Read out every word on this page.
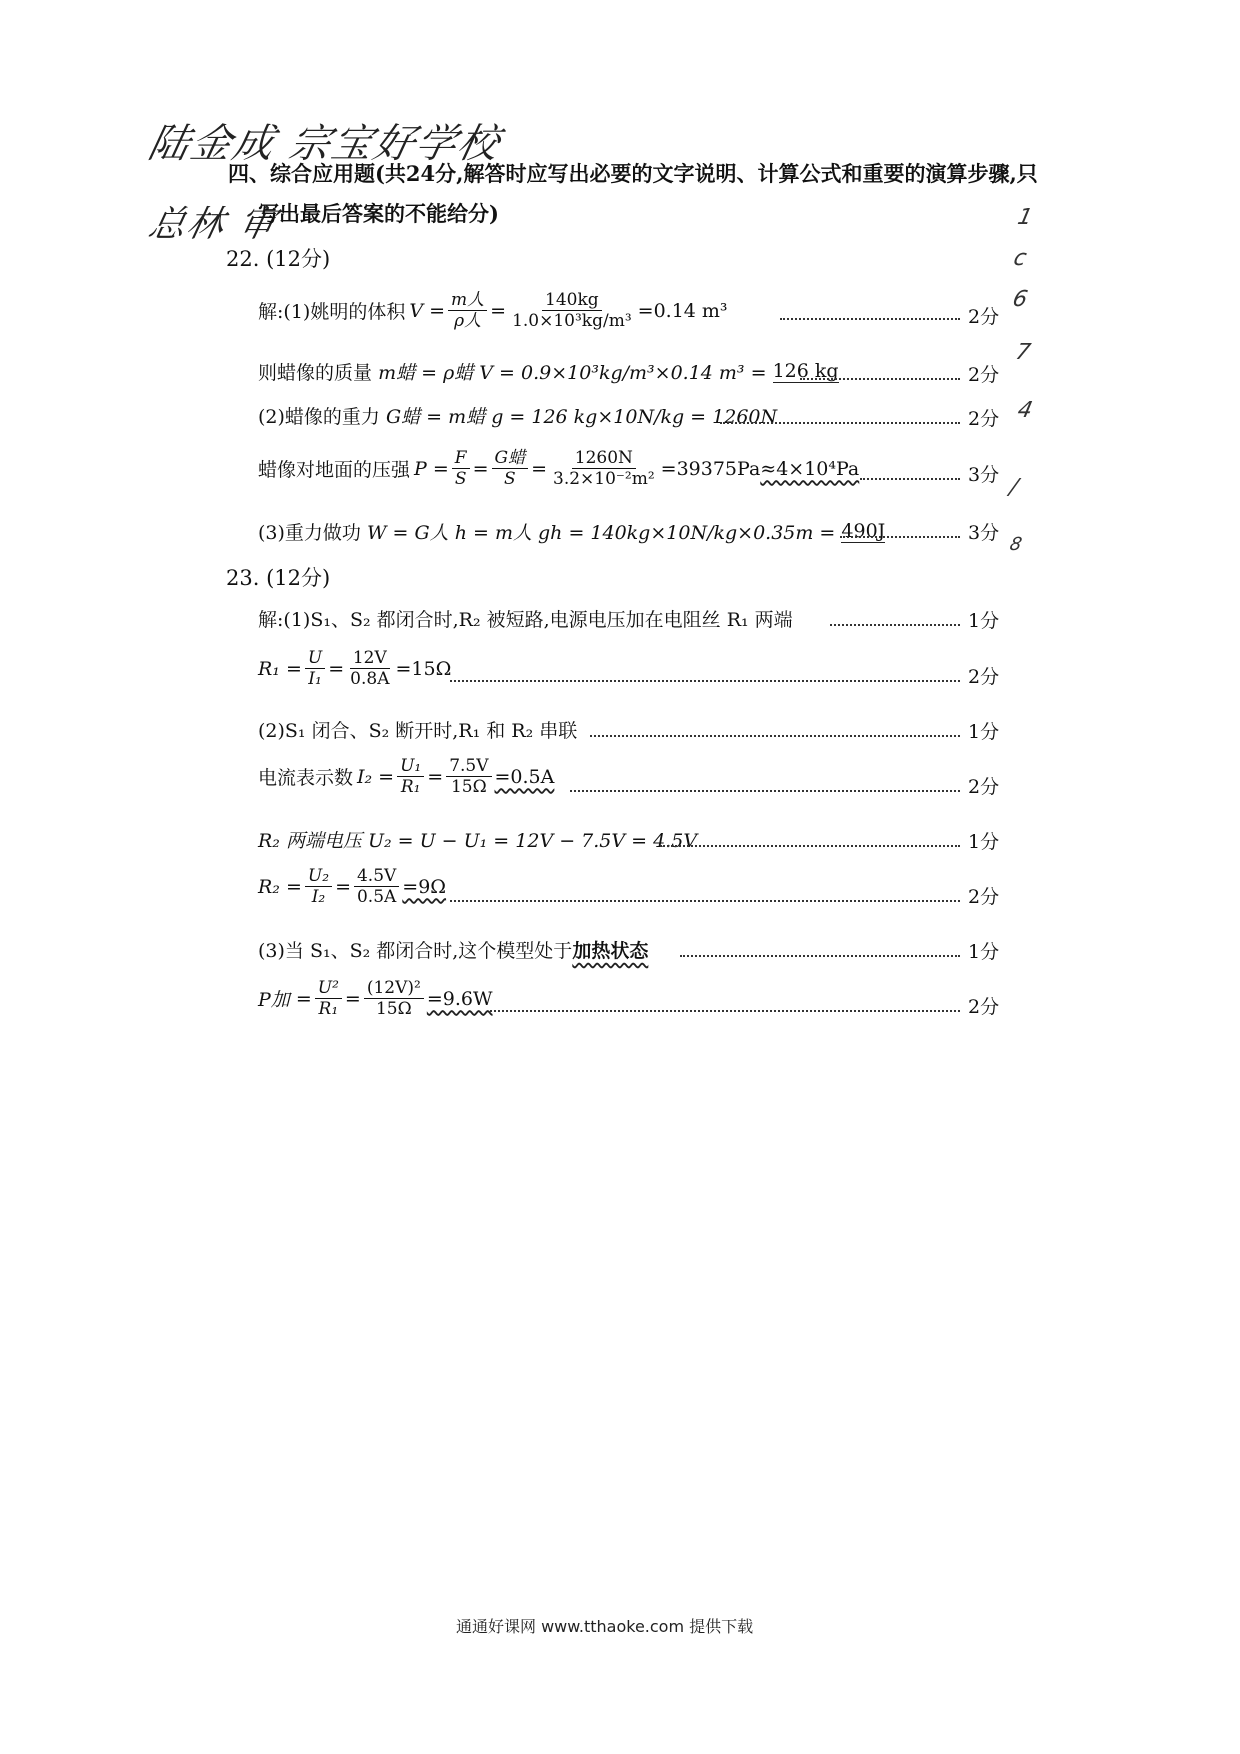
陆金成 宗宝好学校
总林 审	1
c
6
7
4
/
8
四、综合应用题(共24分,解答时应写出必要的文字说明、计算公式和重要的演算步骤,只
写出最后答案的不能给分)
22. (12分)
解:(1)姚明的体积 $V = \frac{\text{m人}}{\text{ρ人}} = \frac{140kg}{\text{1.0×10³kg/m³}} =0.14$ m³	2分
则蜡像的质量
m蜡 = ρ蜡 V = 0.9×10³kg/m³×0.14 m³ =
126 kg	2分
(2)蜡像的重力
G蜡 = m蜡 g = 126 kg×10N/kg = 1260N	2分
蜡像对地面的压强 $P = \frac{F}{S} = \frac{\text{G蜡}}{S} = \frac{1260N}{\text{3.2×10⁻²m²}} =39375Pa \approx 4\times 10^4Pa$	3分
(3)重力做功
W = G人 h = m人 gh = 140kg×10N/kg×0.35m =
490J	3分
23. (12分)
解:(1)S₁、S₂ 都闭合时,R₂ 被短路,电源电压加在电阻丝 R₁ 两端	1分
$R_1 = \frac{U}{\text{I₁}} = \frac{12V}{0.8A} =15\Omega$	2分
(2)S₁ 闭合、S₂ 断开时,R₁ 和 R₂ 串联	1分
电流表示数 $I_2 = \frac{\text{U₁}}{\text{R₁}} = \frac{7.5V}{15\Omega} =0.5A$	2分
R₂ 两端电压 U₂ = U − U₁ = 12V − 7.5V = 4.5V	1分
$R_2 = \frac{\text{U₂}}{\text{I₂}} = \frac{4.5V}{0.5A} =9\Omega$	2分
(3)当 S₁、S₂ 都闭合时,这个模型处于 加热状态	1分
P加 = $\frac{\text{U²}}{\text{R₁}} = \frac{\text{(12V)²}}{15\Omega} =9.6W$	2分
通通好课网 www.tthaoke.com 提供下载
